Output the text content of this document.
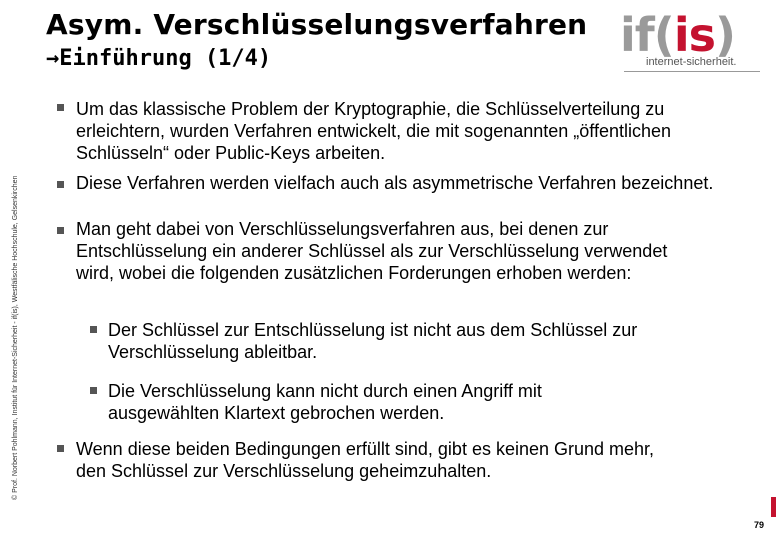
Asym. Verschlüsselungsverfahren
→Einführung (1/4)
© Prof. Norbert Pohlmann, Institut für Internet-Sicherheit - if(is), Westfälische Hochschule, Gelsenkirchen
if(is)
internet-sicherheit.
Um das klassische Problem der Kryptographie, die Schlüsselverteilung zu erleichtern, wurden Verfahren entwickelt, die mit sogenannten „öffentlichen Schlüsseln“ oder Public-Keys arbeiten.
Diese Verfahren werden vielfach auch als asymmetrische Verfahren bezeichnet.
Man geht dabei von Verschlüsselungsverfahren aus, bei denen zur Entschlüsselung ein anderer Schlüssel als zur Verschlüsselung verwendet wird, wobei die folgenden zusätzlichen Forderungen erhoben werden:
Der Schlüssel zur Entschlüsselung ist nicht aus dem Schlüssel zur Verschlüsselung ableitbar.
Die Verschlüsselung kann nicht durch einen Angriff mit ausgewählten Klartext gebrochen werden.
Wenn diese beiden Bedingungen erfüllt sind, gibt es keinen Grund mehr, den Schlüssel zur Verschlüsselung geheimzuhalten.
79
